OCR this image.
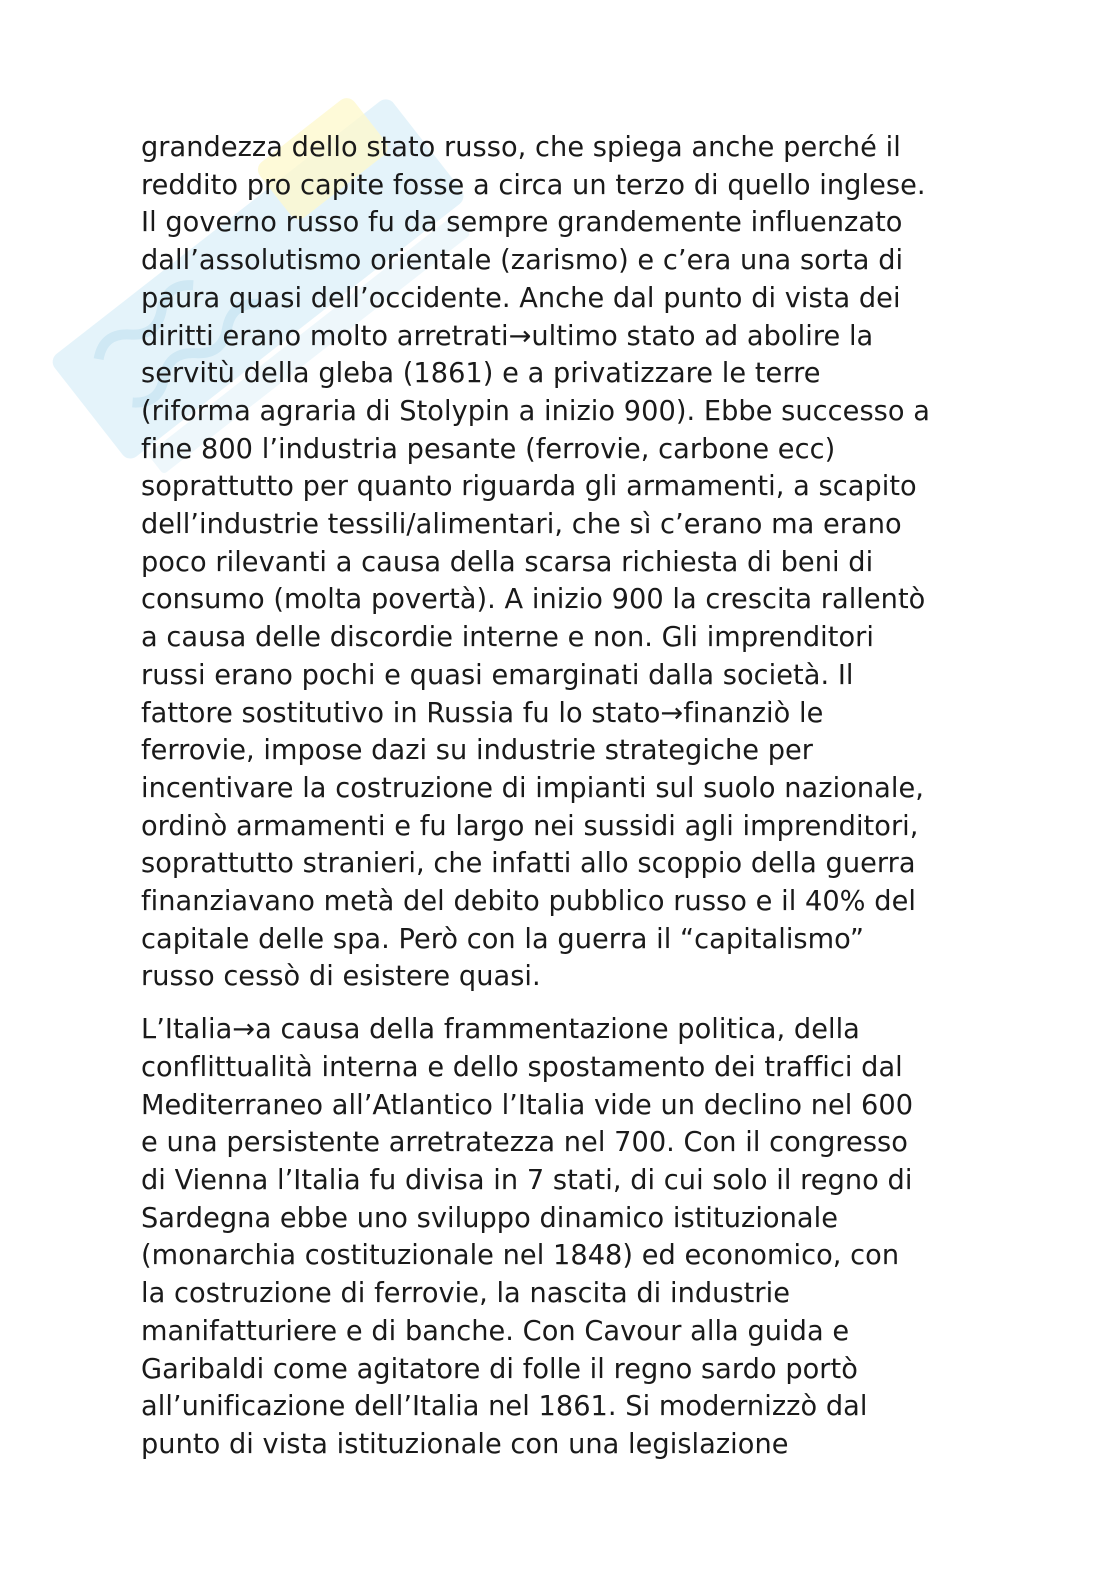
grandezza dello stato russo, che spiega anche perché il
reddito pro capite fosse a circa un terzo di quello inglese.
Il governo russo fu da sempre grandemente influenzato
dall’assolutismo orientale (zarismo) e c’era una sorta di
paura quasi dell’occidente. Anche dal punto di vista dei
diritti erano molto arretrati→ultimo stato ad abolire la
servitù della gleba (1861) e a privatizzare le terre
(riforma agraria di Stolypin a inizio 900). Ebbe successo a
fine 800 l’industria pesante (ferrovie, carbone ecc)
soprattutto per quanto riguarda gli armamenti, a scapito
dell’industrie tessili/alimentari, che sì c’erano ma erano
poco rilevanti a causa della scarsa richiesta di beni di
consumo (molta povertà). A inizio 900 la crescita rallentò
a causa delle discordie interne e non. Gli imprenditori
russi erano pochi e quasi emarginati dalla società. Il
fattore sostitutivo in Russia fu lo stato→finanziò le
ferrovie, impose dazi su industrie strategiche per
incentivare la costruzione di impianti sul suolo nazionale,
ordinò armamenti e fu largo nei sussidi agli imprenditori,
soprattutto stranieri, che infatti allo scoppio della guerra
finanziavano metà del debito pubblico russo e il 40% del
capitale delle spa. Però con la guerra il “capitalismo”
russo cessò di esistere quasi.
L’Italia→a causa della frammentazione politica, della
conflittualità interna e dello spostamento dei traffici dal
Mediterraneo all’Atlantico l’Italia vide un declino nel 600
e una persistente arretratezza nel 700. Con il congresso
di Vienna l’Italia fu divisa in 7 stati, di cui solo il regno di
Sardegna ebbe uno sviluppo dinamico istituzionale
(monarchia costituzionale nel 1848) ed economico, con
la costruzione di ferrovie, la nascita di industrie
manifatturiere e di banche. Con Cavour alla guida e
Garibaldi come agitatore di folle il regno sardo portò
all’unificazione dell’Italia nel 1861. Si modernizzò dal
punto di vista istituzionale con una legislazione
